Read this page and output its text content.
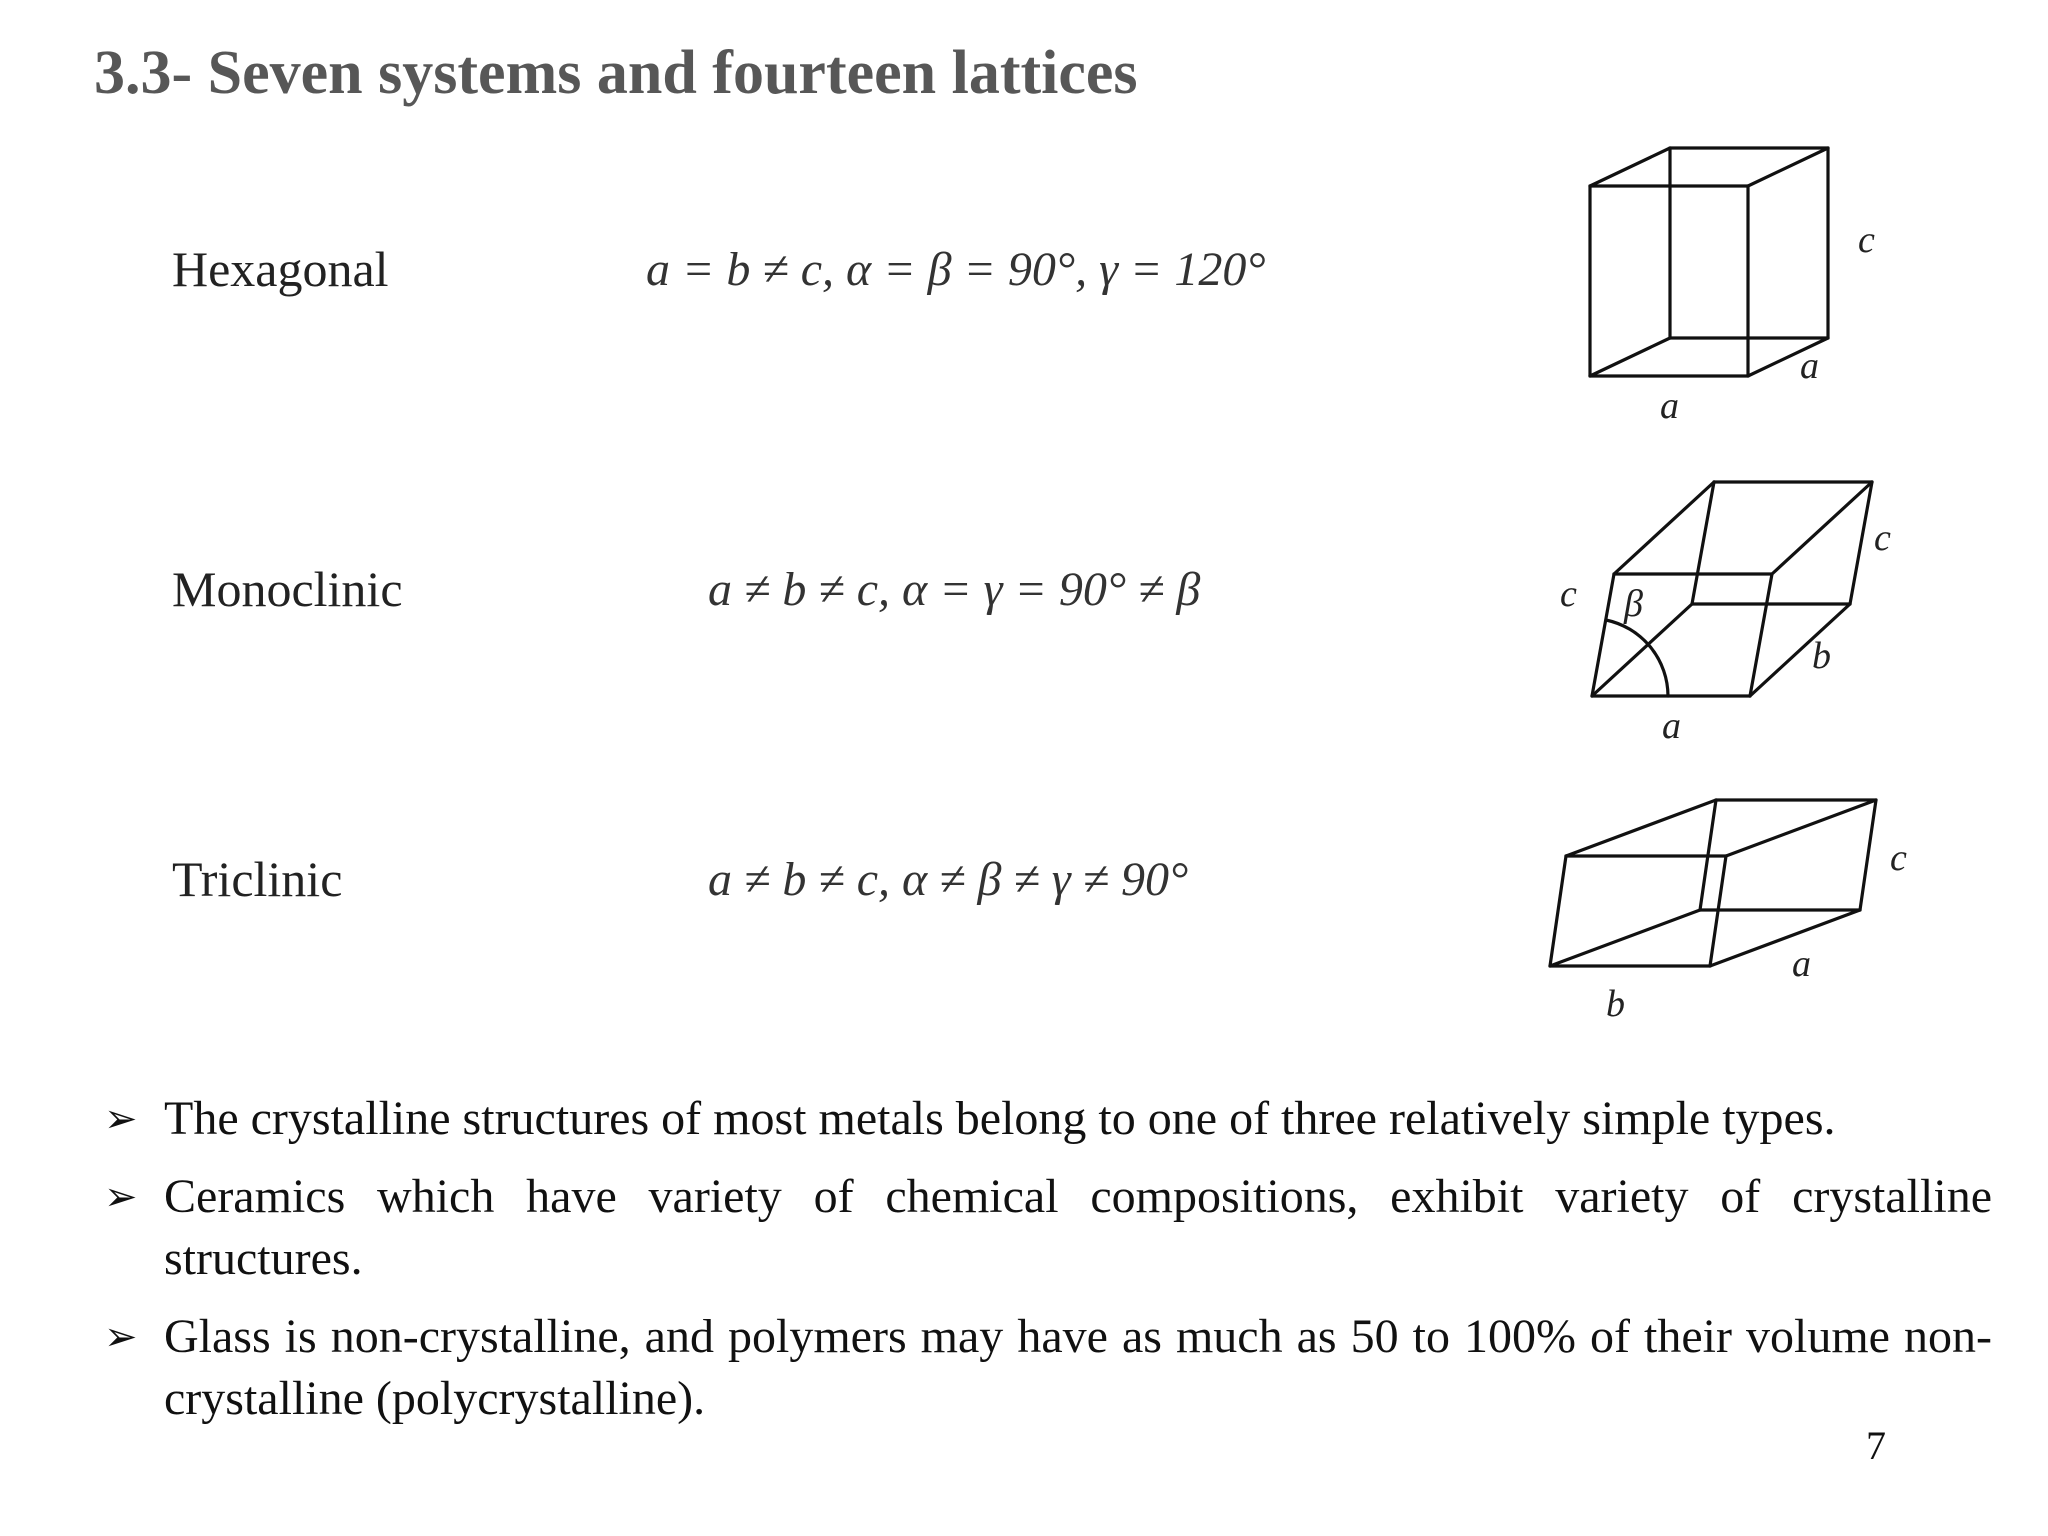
3.3- Seven systems and fourteen lattices
Hexagonal	a = b ≠ c, α = β = 90°, γ = 120°
c
a
a
Monoclinic	a ≠ b ≠ c, α = γ = 90° ≠ β	c
c
β
b
a
Triclinic	a ≠ b ≠ c, α ≠ β ≠ γ ≠ 90°	c
a
b
➢ The crystalline structures of most metals belong to one of three relatively simple types.
➢ Ceramics which have variety of chemical compositions, exhibit variety of crystalline structures.
➢ Glass is non-crystalline, and polymers may have as much as 50 to 100% of their volume non-crystalline (polycrystalline).
7
